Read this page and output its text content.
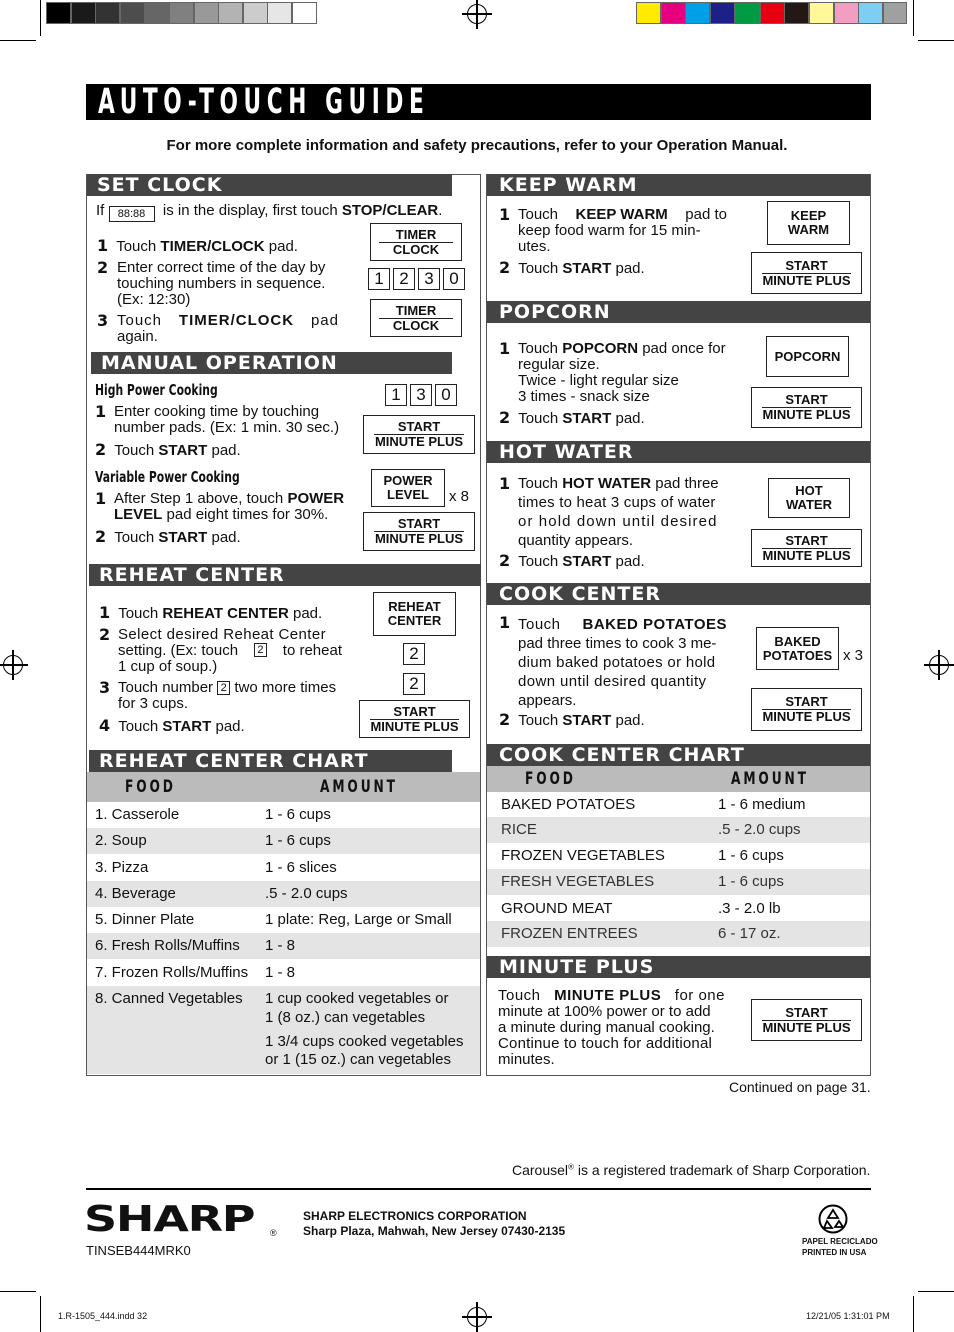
AUTO-TOUCH GUIDE
For more complete information and safety precautions, refer to your Operation Manual.
SET CLOCK
If 88:88 is in the display, first touch STOP/CLEAR.
1 Touch TIMER/CLOCK pad.
2 Enter correct time of the day by
touching numbers in sequence.
(Ex: 12:30)
3 Touch TIMER/CLOCK pad
again.
TIMER
CLOCK
1 2 3 0
TIMER
CLOCK
MANUAL OPERATION
High Power Cooking
1 Enter cooking time by touching
number pads. (Ex: 1 min. 30 sec.)
2 Touch START pad.
1 3 0
START
MINUTE PLUS
Variable Power Cooking
1 After Step 1 above, touch POWER
LEVEL pad eight times for 30%.
2 Touch START pad.
POWER
LEVEL x 8
START
MINUTE PLUS
REHEAT CENTER
1 Touch REHEAT CENTER pad.
2 Select desired Reheat Center
setting. (Ex: touch	2 to reheat
1 cup of soup.)
3 Touch number 2 two more times
for 3 cups.
4 Touch START pad.
REHEAT
CENTER
2
2
START
MINUTE PLUS
REHEAT CENTER CHART
FOOD	AMOUNT
1. Casserole	1 - 6 cups
2. Soup	1 - 6 cups
3. Pizza	1 - 6 slices
4. Beverage	.5 - 2.0 cups
5. Dinner Plate	1 plate: Reg, Large or Small
6. Fresh Rolls/Muffins 1 - 8
7. Frozen Rolls/Muffins 1 - 8
8. Canned Vegetables 1 cup cooked vegetables or
1 (8 oz.) can vegetables
1 3/4 cups cooked vegetables
or 1 (15 oz.) can vegetables
KEEP WARM
1 Touch KEEP WARM pad to
keep food warm for 15 min-
utes.
2 Touch START pad.
KEEP
WARM
START
MINUTE PLUS
POPCORN
1 Touch POPCORN pad once for
regular size.
Twice - light regular size
3 times - snack size
2 Touch START pad.
POPCORN
START
MINUTE PLUS
HOT WATER
1 Touch HOT WATER pad three
times to heat 3 cups of water
or hold down until desired
quantity appears.
2 Touch START pad.
HOT
WATER
START
MINUTE PLUS
COOK CENTER
1 Touch BAKED POTATOES
pad three times to cook 3 me-
dium baked potatoes or hold
down until desired quantity
appears.
2 Touch START pad.
BAKED
POTATOES x 3
START
MINUTE PLUS
COOK CENTER CHART
FOOD	AMOUNT
BAKED POTATOES	1 - 6 medium
RICE	.5 - 2.0 cups
FROZEN VEGETABLES	1 - 6 cups
FRESH VEGETABLES	1 - 6 cups
GROUND MEAT	.3 - 2.0 lb
FROZEN ENTREES	6 - 17 oz.
MINUTE PLUS
Touch MINUTE PLUS for one
minute at 100% power or to add
a minute during manual cooking.
Continue to touch for additional
minutes.
START
MINUTE PLUS
Continued on page 31.
Carousel® is a registered trademark of Sharp Corporation.
SHARP ®
SHARP ELECTRONICS CORPORATION
Sharp Plaza, Mahwah, New Jersey 07430-2135
TINSEB444MRK0
PAPEL RECICLADO
PRINTED IN USA
1.R-1505_444.indd 32	12/21/05 1:31:01 PM
